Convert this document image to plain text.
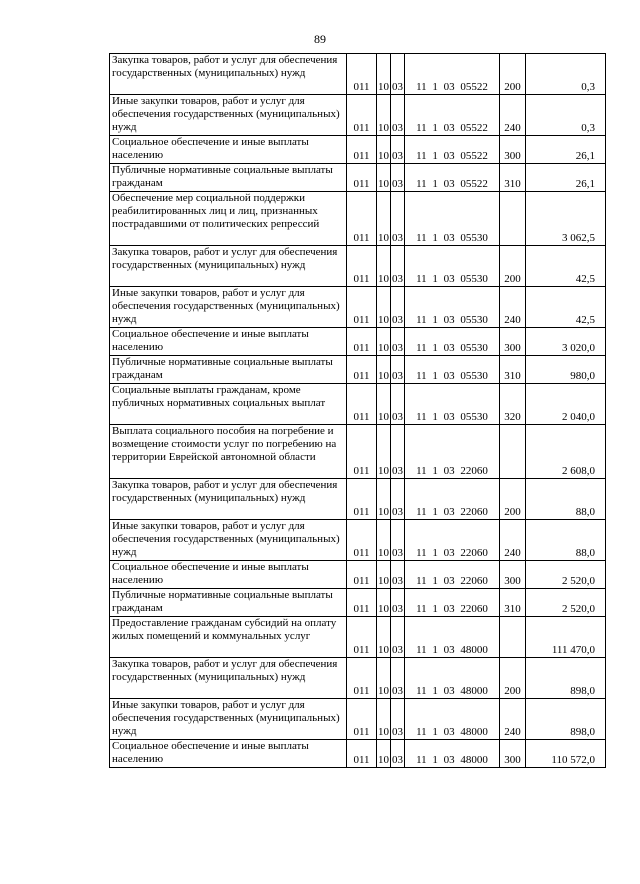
89
Закупка товаров, работ и услуг для обеспечения государственных (муниципальных) нужд	011	10	03	11 1 03 05522	200	0,3
Иные закупки товаров, работ и услуг для обеспечения государственных (муниципальных) нужд	011	10	03	11 1 03 05522	240	0,3
Социальное обеспечение и иные выплаты населению	011	10	03	11 1 03 05522	300	26,1
Публичные нормативные социальные выплаты гражданам	011	10	03	11 1 03 05522	310	26,1
Обеспечение мер социальной поддержки реабилитированных лиц и лиц, признанных пострадавшими от политических репрессий	011	10	03	11 1 03 05530		3 062,5
Закупка товаров, работ и услуг для обеспечения государственных (муниципальных) нужд	011	10	03	11 1 03 05530	200	42,5
Иные закупки товаров, работ и услуг для обеспечения государственных (муниципальных) нужд	011	10	03	11 1 03 05530	240	42,5
Социальное обеспечение и иные выплаты населению	011	10	03	11 1 03 05530	300	3 020,0
Публичные нормативные социальные выплаты гражданам	011	10	03	11 1 03 05530	310	980,0
Социальные выплаты гражданам, кроме публичных нормативных социальных выплат	011	10	03	11 1 03 05530	320	2 040,0
Выплата социального пособия на погребение и возмещение стоимости услуг по погребению на территории Еврейской автономной области	011	10	03	11 1 03 22060		2 608,0
Закупка товаров, работ и услуг для обеспечения государственных (муниципальных) нужд	011	10	03	11 1 03 22060	200	88,0
Иные закупки товаров, работ и услуг для обеспечения государственных (муниципальных) нужд	011	10	03	11 1 03 22060	240	88,0
Социальное обеспечение и иные выплаты населению	011	10	03	11 1 03 22060	300	2 520,0
Публичные нормативные социальные выплаты гражданам	011	10	03	11 1 03 22060	310	2 520,0
Предоставление гражданам субсидий на оплату жилых помещений и коммунальных услуг	011	10	03	11 1 03 48000		111 470,0
Закупка товаров, работ и услуг для обеспечения государственных (муниципальных) нужд	011	10	03	11 1 03 48000	200	898,0
Иные закупки товаров, работ и услуг для обеспечения государственных (муниципальных) нужд	011	10	03	11 1 03 48000	240	898,0
Социальное обеспечение и иные выплаты населению	011	10	03	11 1 03 48000	300	110 572,0
